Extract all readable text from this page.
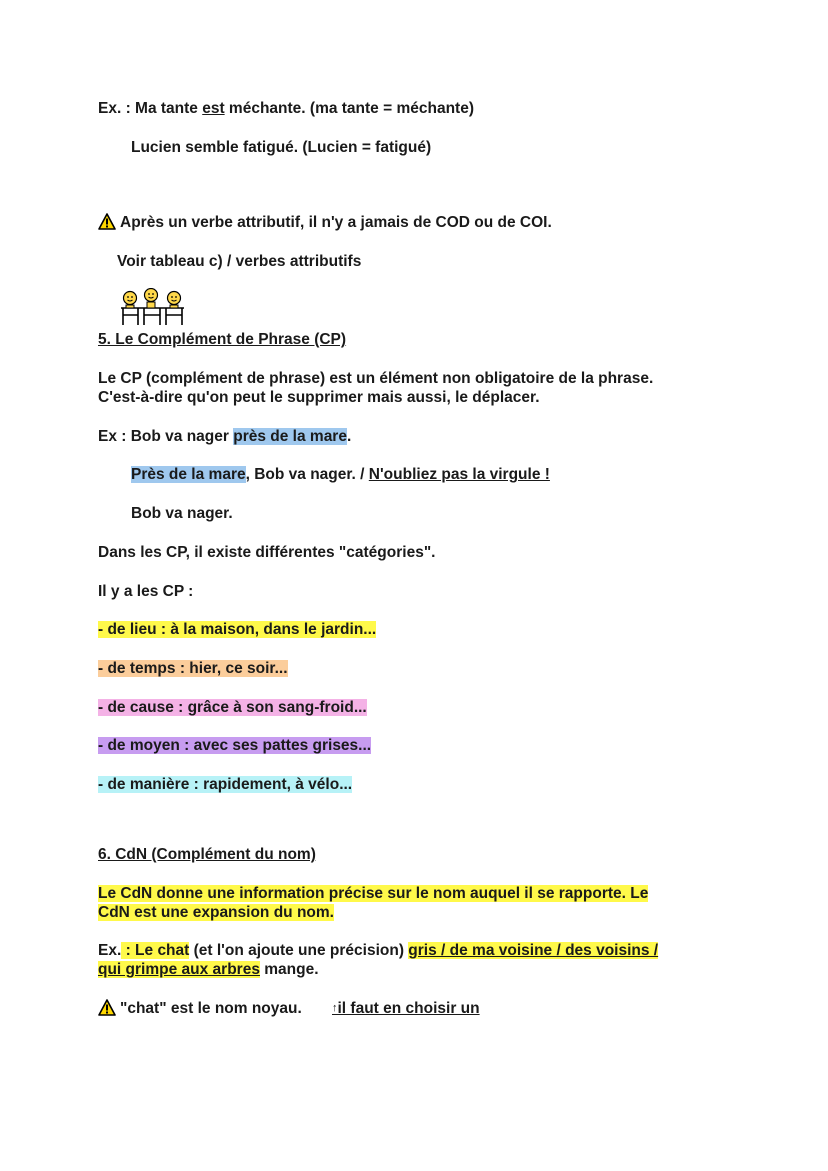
Ex. : Ma tante est méchante. (ma tante = méchante)
Lucien semble fatigué. (Lucien = fatigué)
Après un verbe attributif, il n'y a jamais de COD ou de COI.
Voir tableau c) / verbes attributifs
5. Le Complément de Phrase (CP)
Le CP (complément de phrase) est un élément non obligatoire de la phrase.
C'est-à-dire qu'on peut le supprimer mais aussi, le déplacer.
Ex : Bob va nager près de la mare.
Près de la mare, Bob va nager. / N'oubliez pas la virgule !
Bob va nager.
Dans les CP, il existe différentes "catégories".
Il y a les CP :
- de lieu : à la maison, dans le jardin...
- de temps : hier, ce soir...
- de cause : grâce à son sang-froid...
- de moyen : avec ses pattes grises...
- de manière : rapidement, à vélo...
6. CdN (Complément du nom)
Le CdN donne une information précise sur le nom auquel il se rapporte. Le
CdN est une expansion du nom.
Ex. : Le chat (et l'on ajoute une précision) gris / de ma voisine / des voisins /
qui grimpe aux arbres mange.
"chat" est le nom noyau.	↑il faut en choisir un
